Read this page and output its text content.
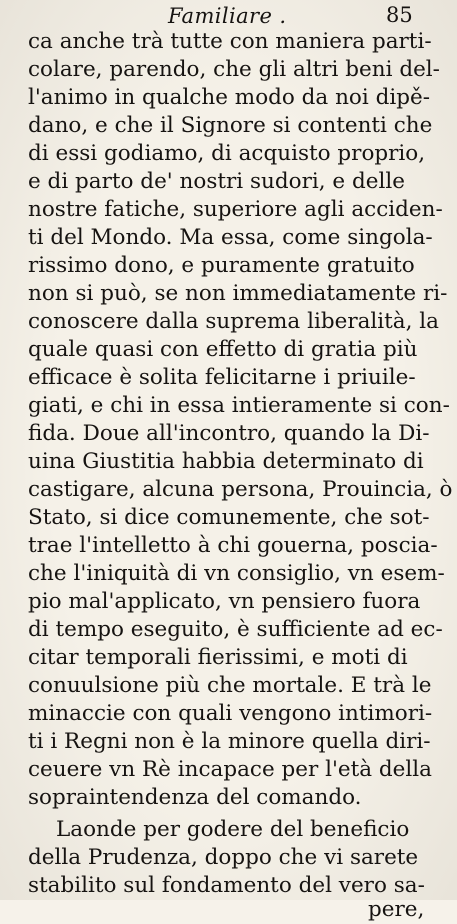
Familiare .	85
ca anche trà tutte con maniera parti-
colare, parendo, che gli altri beni del-
l'animo in qualche modo da noi dipě-
dano, e che il Signore si contenti che
di essi godiamo, di acquisto proprio,
e di parto de' nostri sudori, e delle
nostre fatiche, superiore agli acciden-
ti del Mondo. Ma essa, come singola-
rissimo dono, e puramente gratuito
non si può, se non immediatamente ri-
conoscere dalla suprema liberalità, la
quale quasi con effetto di gratia più
efficace è solita felicitarne i priuile-
giati, e chi in essa intieramente si con-
fida. Doue all'incontro, quando la Di-
uina Giustitia habbia determinato di
castigare, alcuna persona, Prouincia, ò
Stato, si dice comunemente, che sot-
trae l'intelletto à chi gouerna, posciа-
che l'iniquità di vn consiglio, vn esem-
pio mal'applicato, vn pensiero fuora
di tempo eseguito, è sufficiente ad ec-
citar temporali fierissimi, e moti di
conuulsione più che mortale. E trà le
minaccie con quali vengono intimori-
ti i Regni non è la minore quella diri-
ceuere vn Rè incapace per l'età della
sopraintendenza del comando.
Laonde per godere del beneficio
della Prudenza, doppo che vi sarete
stabilito sul fondamento del vero sa-
pere,
